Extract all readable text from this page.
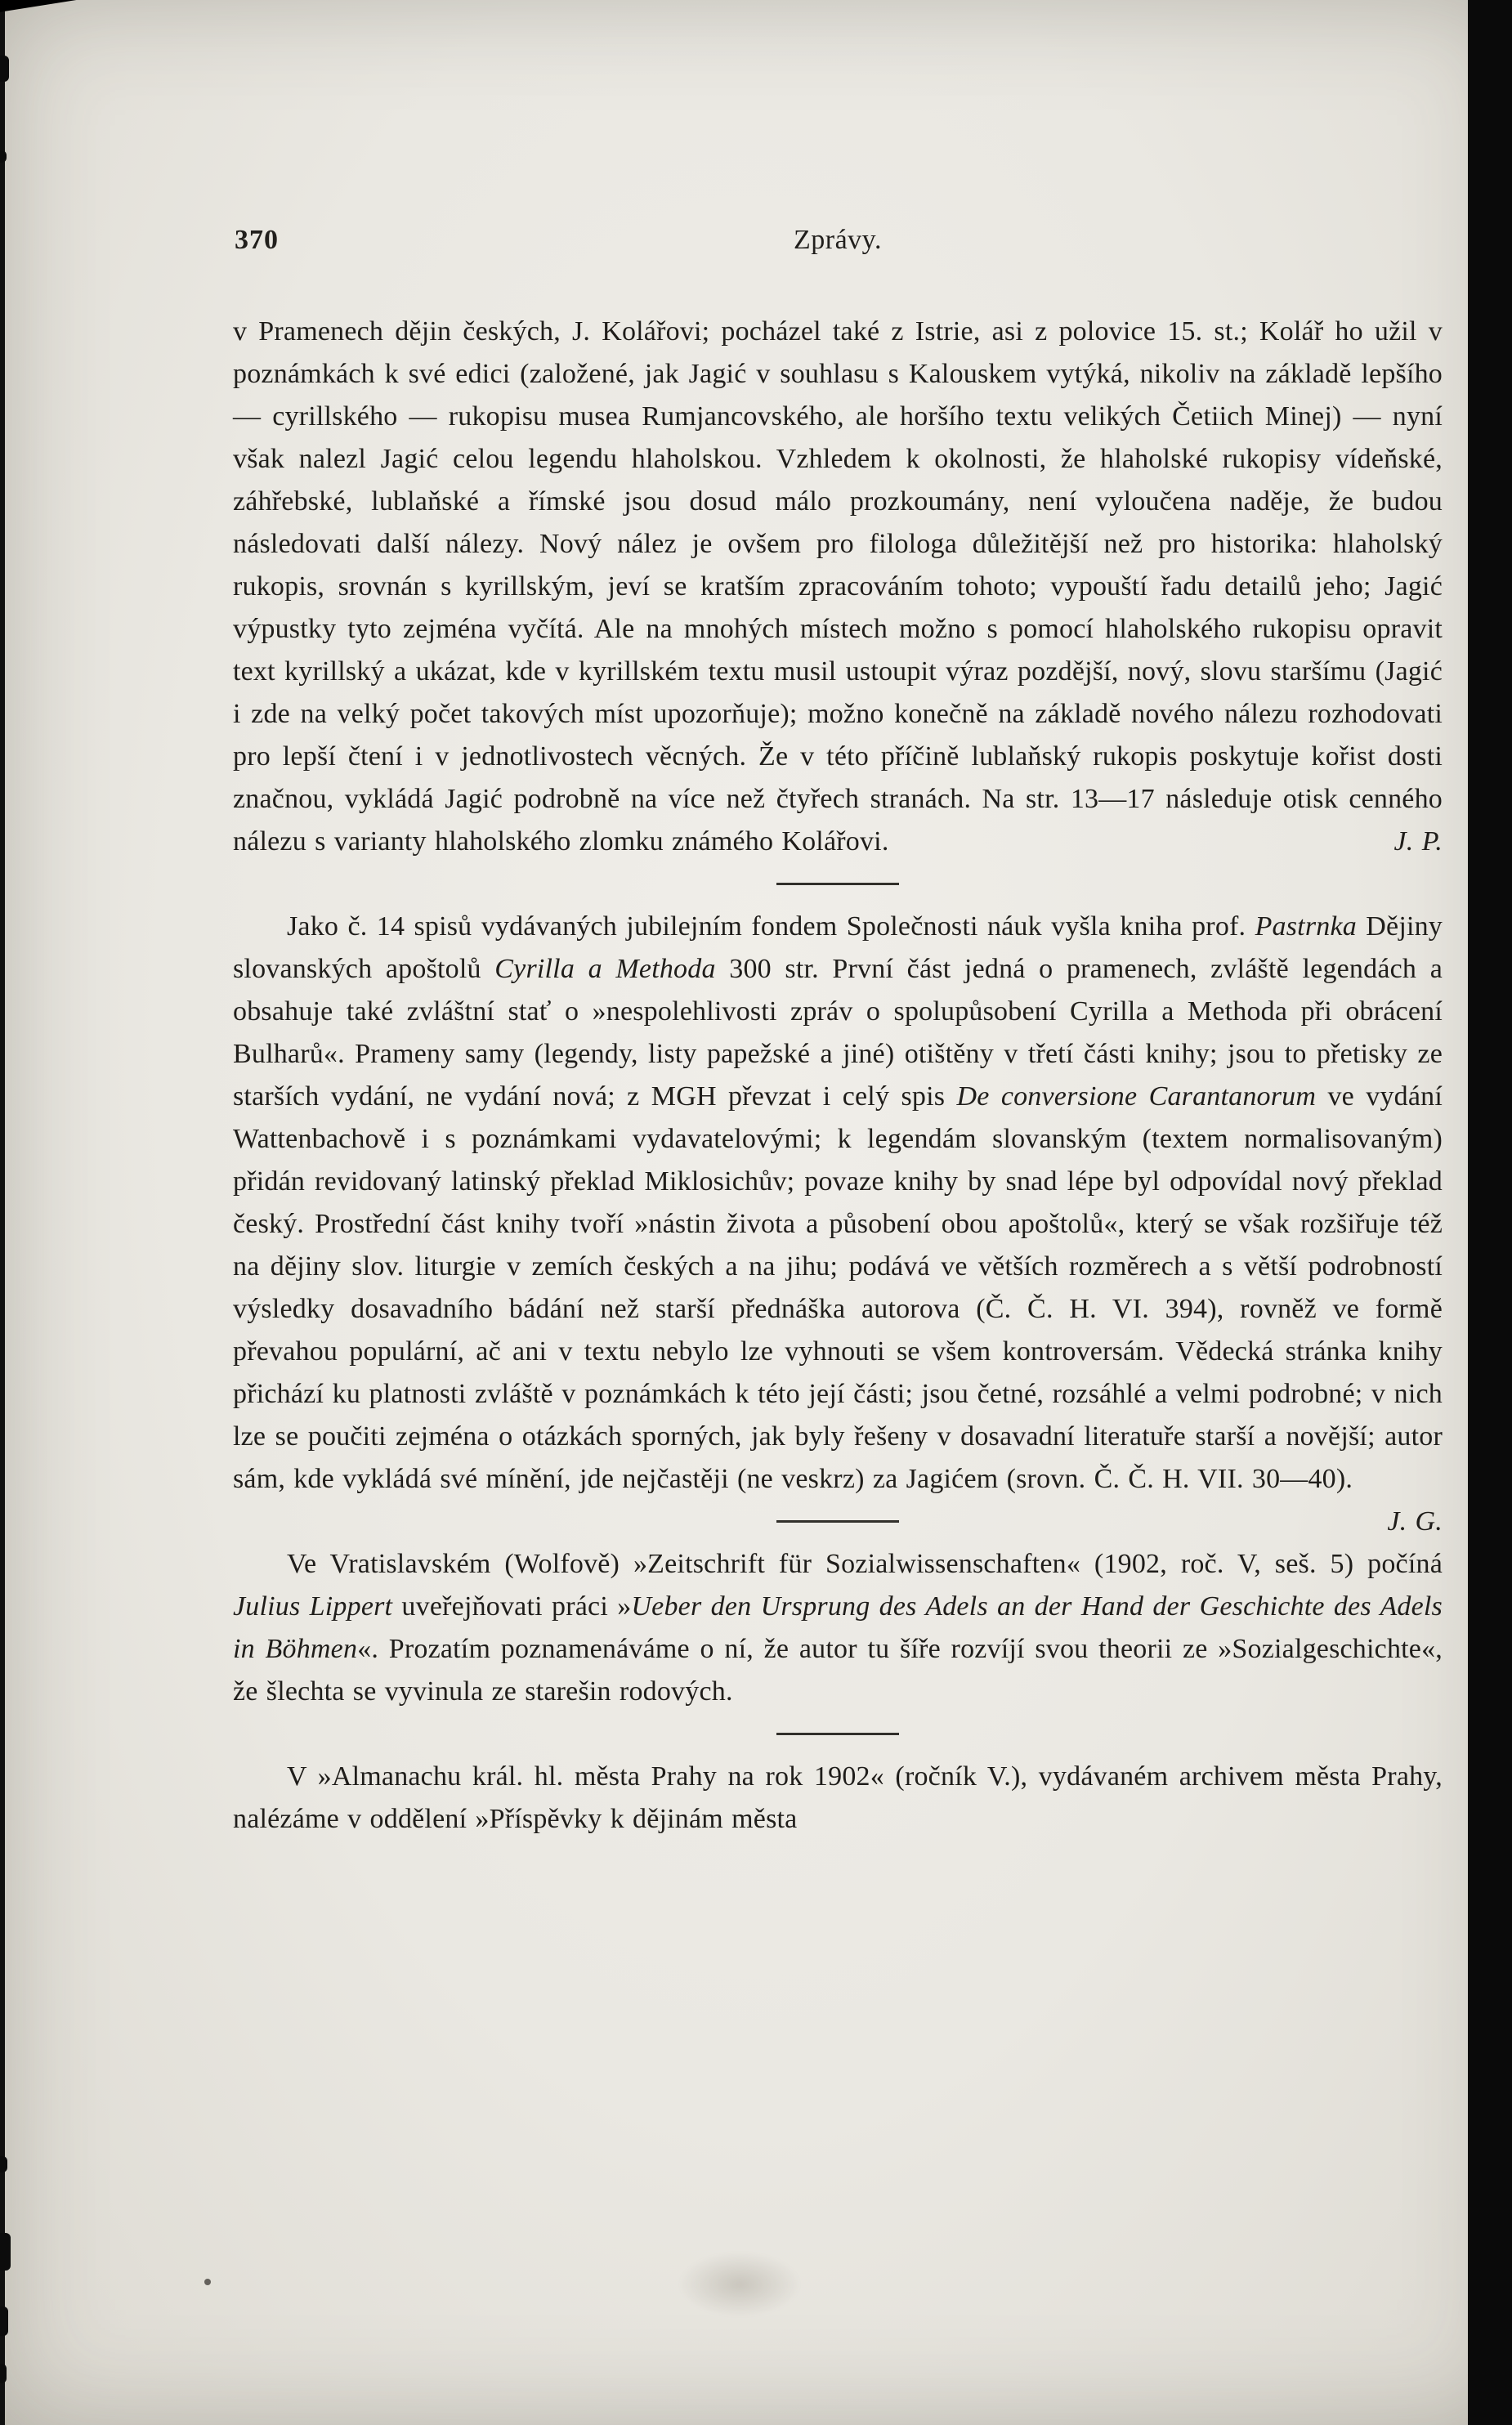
370	Zprávy.

v Pramenech dějin českých, J. Kolářovi; pocházel také z Istrie, asi z polovice 15. st.; Kolář ho užil v poznámkách k své edici (založené, jak Jagić v souhlasu s Kalouskem vytýká, nikoliv na základě lepšího — cyrillského — rukopisu musea Rumjancovského, ale horšího textu velikých Četiich Minej) — nyní však nalezl Jagić celou legendu hlaholskou. Vzhledem k okolnosti, že hlaholské rukopisy vídeňské, záhřebské, lublaňské a římské jsou dosud málo prozkoumány, není vyloučena naděje, že budou následovati další nálezy. Nový nález je ovšem pro filologa důležitější než pro historika: hlaholský rukopis, srovnán s kyrillským, jeví se kratším zpracováním tohoto; vypouští řadu detailů jeho; Jagić výpustky tyto zejména vyčítá. Ale na mnohých místech možno s pomocí hlaholského rukopisu opravit text kyrillský a ukázat, kde v kyrillském textu musil ustoupit výraz pozdější, nový, slovu staršímu (Jagić i zde na velký počet takových míst upozorňuje); možno konečně na základě nového nálezu rozhodovati pro lepší čtení i v jednotlivostech věcných. Že v této příčině lublaňský rukopis poskytuje kořist dosti značnou, vykládá Jagić podrobně na více než čtyřech stranách. Na str. 13—17 následuje otisk cenného nálezu s varianty hlaholského zlomku známého Kolářovi.	J. P.

Jako č. 14 spisů vydávaných jubilejním fondem Společnosti náuk vyšla kniha prof. Pastrnka Dějiny slovanských apoštolů Cyrilla a Methoda 300 str. První část jedná o pramenech, zvláště legendách a obsahuje také zvláštní stať o »nespolehlivosti zpráv o spolupůsobení Cyrilla a Methoda při obrácení Bulharů«. Prameny samy (legendy, listy papežské a jiné) otištěny v třetí části knihy; jsou to přetisky ze starších vydání, ne vydání nová; z MGH převzat i celý spis De conversione Carantanorum ve vydání Wattenbachově i s poznámkami vydavatelovými; k legendám slovanským (textem normalisovaným) přidán revidovaný latinský překlad Miklosichův; povaze knihy by snad lépe byl odpovídal nový překlad český. Prostřední část knihy tvoří »nástin života a působení obou apoštolů«, který se však rozšiřuje též na dějiny slov. liturgie v zemích českých a na jihu; podává ve větších rozměrech a s větší podrobností výsledky dosavadního bádání než starší přednáška autorova (Č. Č. H. VI. 394), rovněž ve formě převahou populární, ač ani v textu nebylo lze vyhnouti se všem kontroversám. Vědecká stránka knihy přichází ku platnosti zvláště v poznámkách k této její části; jsou četné, rozsáhlé a velmi podrobné; v nich lze se poučiti zejména o otázkách sporných, jak byly řešeny v dosavadní literatuře starší a novější; autor sám, kde vykládá své mínění, jde nejčastěji (ne veskrz) za Jagićem (srovn. Č. Č. H. VII. 30—40).
J. G.

Ve Vratislavském (Wolfově) »Zeitschrift für Sozialwissenschaften« (1902, roč. V, seš. 5) počíná Julius Lippert uveřejňovati práci »Ueber den Ursprung des Adels an der Hand der Geschichte des Adels in Böhmen«. Prozatím poznamenáváme o ní, že autor tu šíře rozvíjí svou theorii ze »Sozialgeschichte«, že šlechta se vyvinula ze starešin rodových.

V »Almanachu král. hl. města Prahy na rok 1902« (ročník V.), vydávaném archivem města Prahy, nalézáme v oddělení »Příspěvky k dějinám města
